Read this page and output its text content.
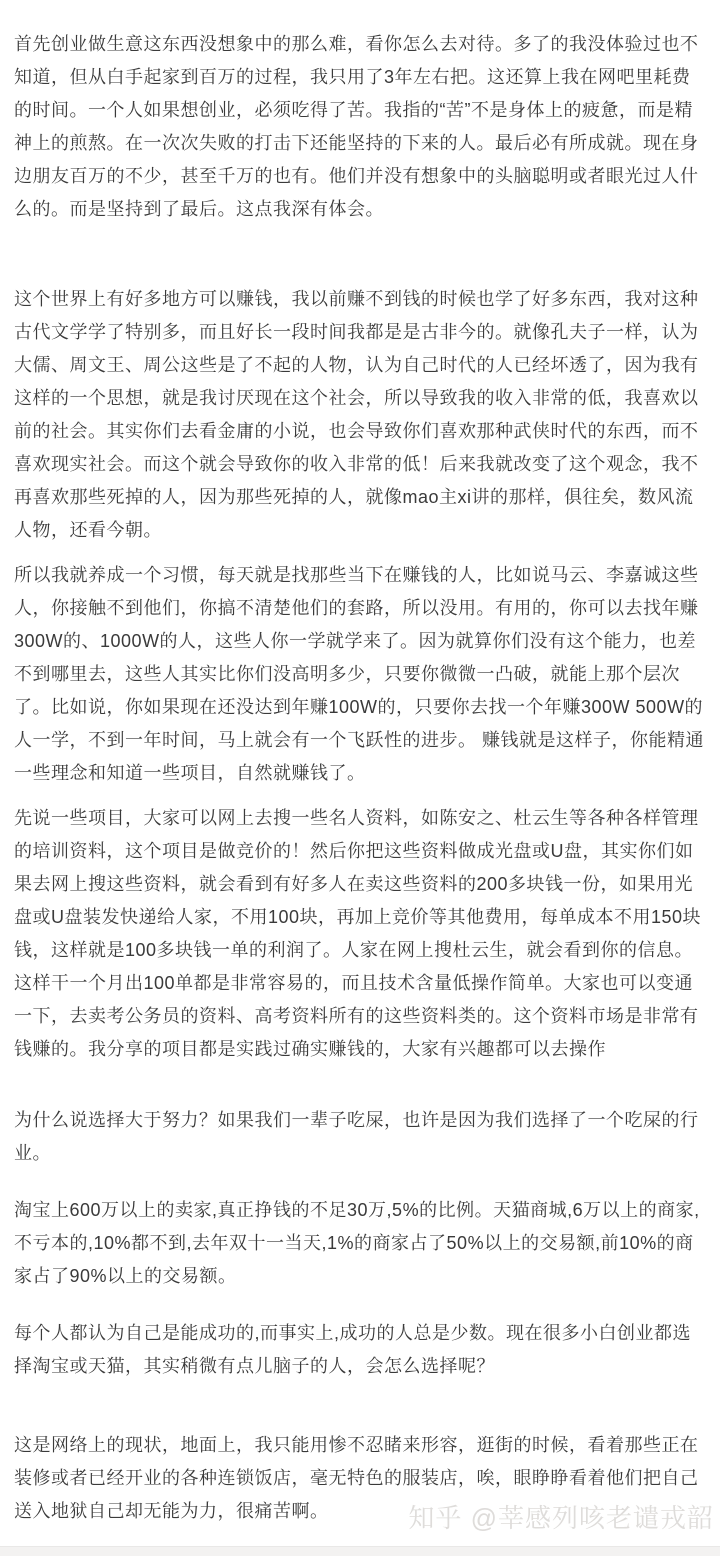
首先创业做生意这东西没想象中的那么难，看你怎么去对待。多了的我没体验过也不知道，但从白手起家到百万的过程，我只用了3年左右把。这还算上我在网吧里耗费的时间。一个人如果想创业，必须吃得了苦。我指的“苦”不是身体上的疲惫，而是精神上的煎熬。在一次次失败的打击下还能坚持的下来的人。最后必有所成就。现在身边朋友百万的不少，甚至千万的也有。他们并没有想象中的头脑聪明或者眼光过人什么的。而是坚持到了最后。这点我深有体会。

这个世界上有好多地方可以赚钱，我以前赚不到钱的时候也学了好多东西，我对这种古代文学学了特别多，而且好长一段时间我都是是古非今的。就像孔夫子一样，认为大儒、周文王、周公这些是了不起的人物，认为自己时代的人已经坏透了，因为我有这样的一个思想，就是我讨厌现在这个社会，所以导致我的收入非常的低，我喜欢以前的社会。其实你们去看金庸的小说，也会导致你们喜欢那种武侠时代的东西，而不喜欢现实社会。而这个就会导致你的收入非常的低！后来我就改变了这个观念，我不再喜欢那些死掉的人，因为那些死掉的人，就像mao主xi讲的那样，俱往矣，数风流人物，还看今朝。

所以我就养成一个习惯，每天就是找那些当下在赚钱的人，比如说马云、李嘉诚这些人，你接触不到他们，你搞不清楚他们的套路，所以没用。有用的，你可以去找年赚300W的、1000W的人，这些人你一学就学来了。因为就算你们没有这个能力，也差不到哪里去，这些人其实比你们没高明多少，只要你微微一凸破，就能上那个层次了。比如说，你如果现在还没达到年赚100W的，只要你去找一个年赚300W 500W的人一学，不到一年时间，马上就会有一个飞跃性的进步。 赚钱就是这样子，你能精通一些理念和知道一些项目，自然就赚钱了。

先说一些项目，大家可以网上去搜一些名人资料，如陈安之、杜云生等各种各样管理的培训资料，这个项目是做竞价的！然后你把这些资料做成光盘或U盘，其实你们如果去网上搜这些资料，就会看到有好多人在卖这些资料的200多块钱一份，如果用光盘或U盘装发快递给人家，不用100块，再加上竞价等其他费用，每单成本不用150块钱，这样就是100多块钱一单的利润了。人家在网上搜杜云生，就会看到你的信息。这样干一个月出100单都是非常容易的，而且技术含量低操作简单。大家也可以变通一下，去卖考公务员的资料、高考资料所有的这些资料类的。这个资料市场是非常有钱赚的。我分享的项目都是实践过确实赚钱的，大家有兴趣都可以去操作

为什么说选择大于努力？如果我们一辈子吃屎，也许是因为我们选择了一个吃屎的行业。

淘宝上600万以上的卖家,真正挣钱的不足30万,5%的比例。天猫商城,6万以上的商家,不亏本的,10%都不到,去年双十一当天,1%的商家占了50%以上的交易额,前10%的商家占了90%以上的交易额。

每个人都认为自己是能成功的,而事实上,成功的人总是少数。现在很多小白创业都选择淘宝或天猫，其实稍微有点儿脑子的人，会怎么选择呢？

这是网络上的现状，地面上，我只能用惨不忍睹来形容，逛街的时候，看着那些正在装修或者已经开业的各种连锁饭店，毫无特色的服装店，唉，眼睁睁看着他们把自己送入地狱自己却无能为力，很痛苦啊。	知乎 @莘感列咳老谴戎韶
